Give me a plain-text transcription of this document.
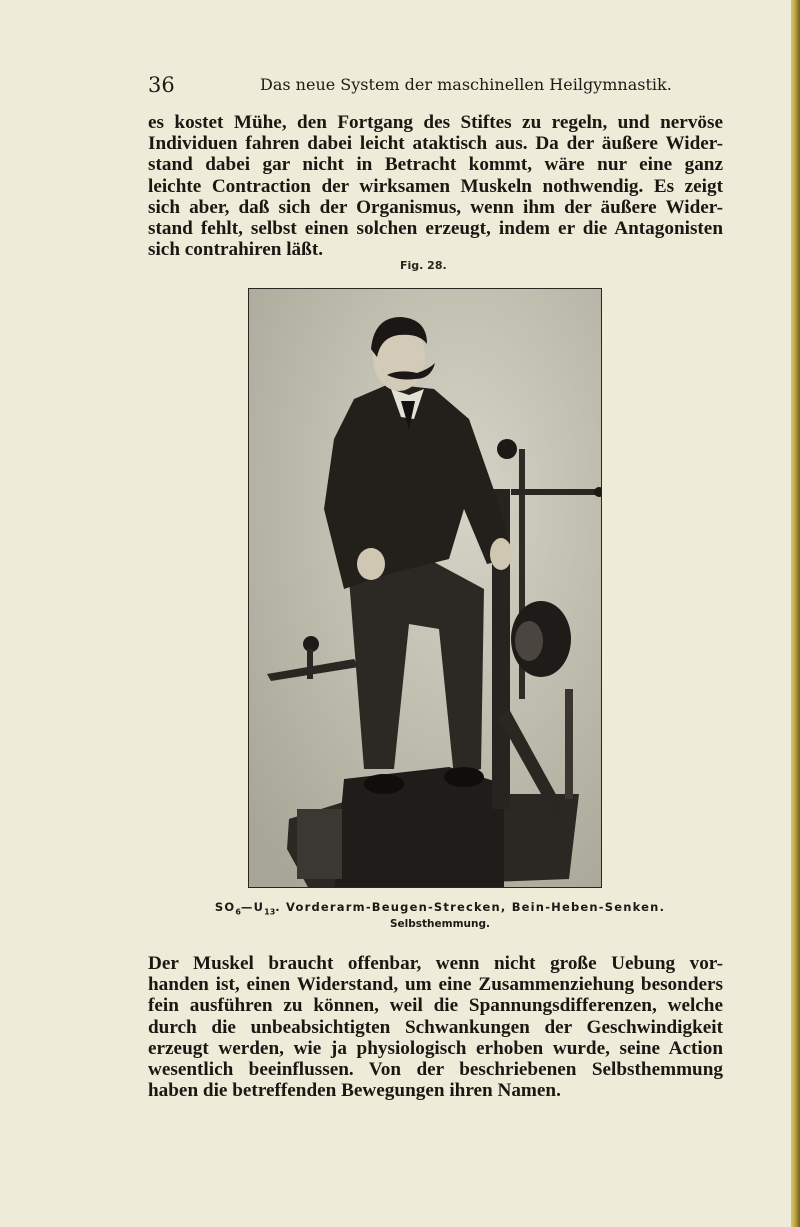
36	Das neue System der maschinellen Heilgymnastik.

es kostet Mühe, den Fortgang des Stiftes zu regeln, und nervöse
Individuen fahren dabei leicht ataktisch aus. Da der äußere Wider-
stand dabei gar nicht in Betracht kommt, wäre nur eine ganz
leichte Contraction der wirksamen Muskeln nothwendig. Es zeigt
sich aber, daß sich der Organismus, wenn ihm der äußere Wider-
stand fehlt, selbst einen solchen erzeugt, indem er die Antagonisten
sich contrahiren läßt.

Fig. 28.
$SO_6—U_{13}$. Vorderarm-Beugen-Strecken, Bein-Heben-Senken.
Selbsthemmung.

Der Muskel braucht offenbar, wenn nicht große Uebung vor-
handen ist, einen Widerstand, um eine Zusammenziehung besonders
fein ausführen zu können, weil die Spannungsdifferenzen, welche
durch die unbeabsichtigten Schwankungen der Geschwindigkeit
erzeugt werden, wie ja physiologisch erhoben wurde, seine Action
wesentlich beeinflussen. Von der beschriebenen Selbsthemmung
haben die betreffenden Bewegungen ihren Namen.
